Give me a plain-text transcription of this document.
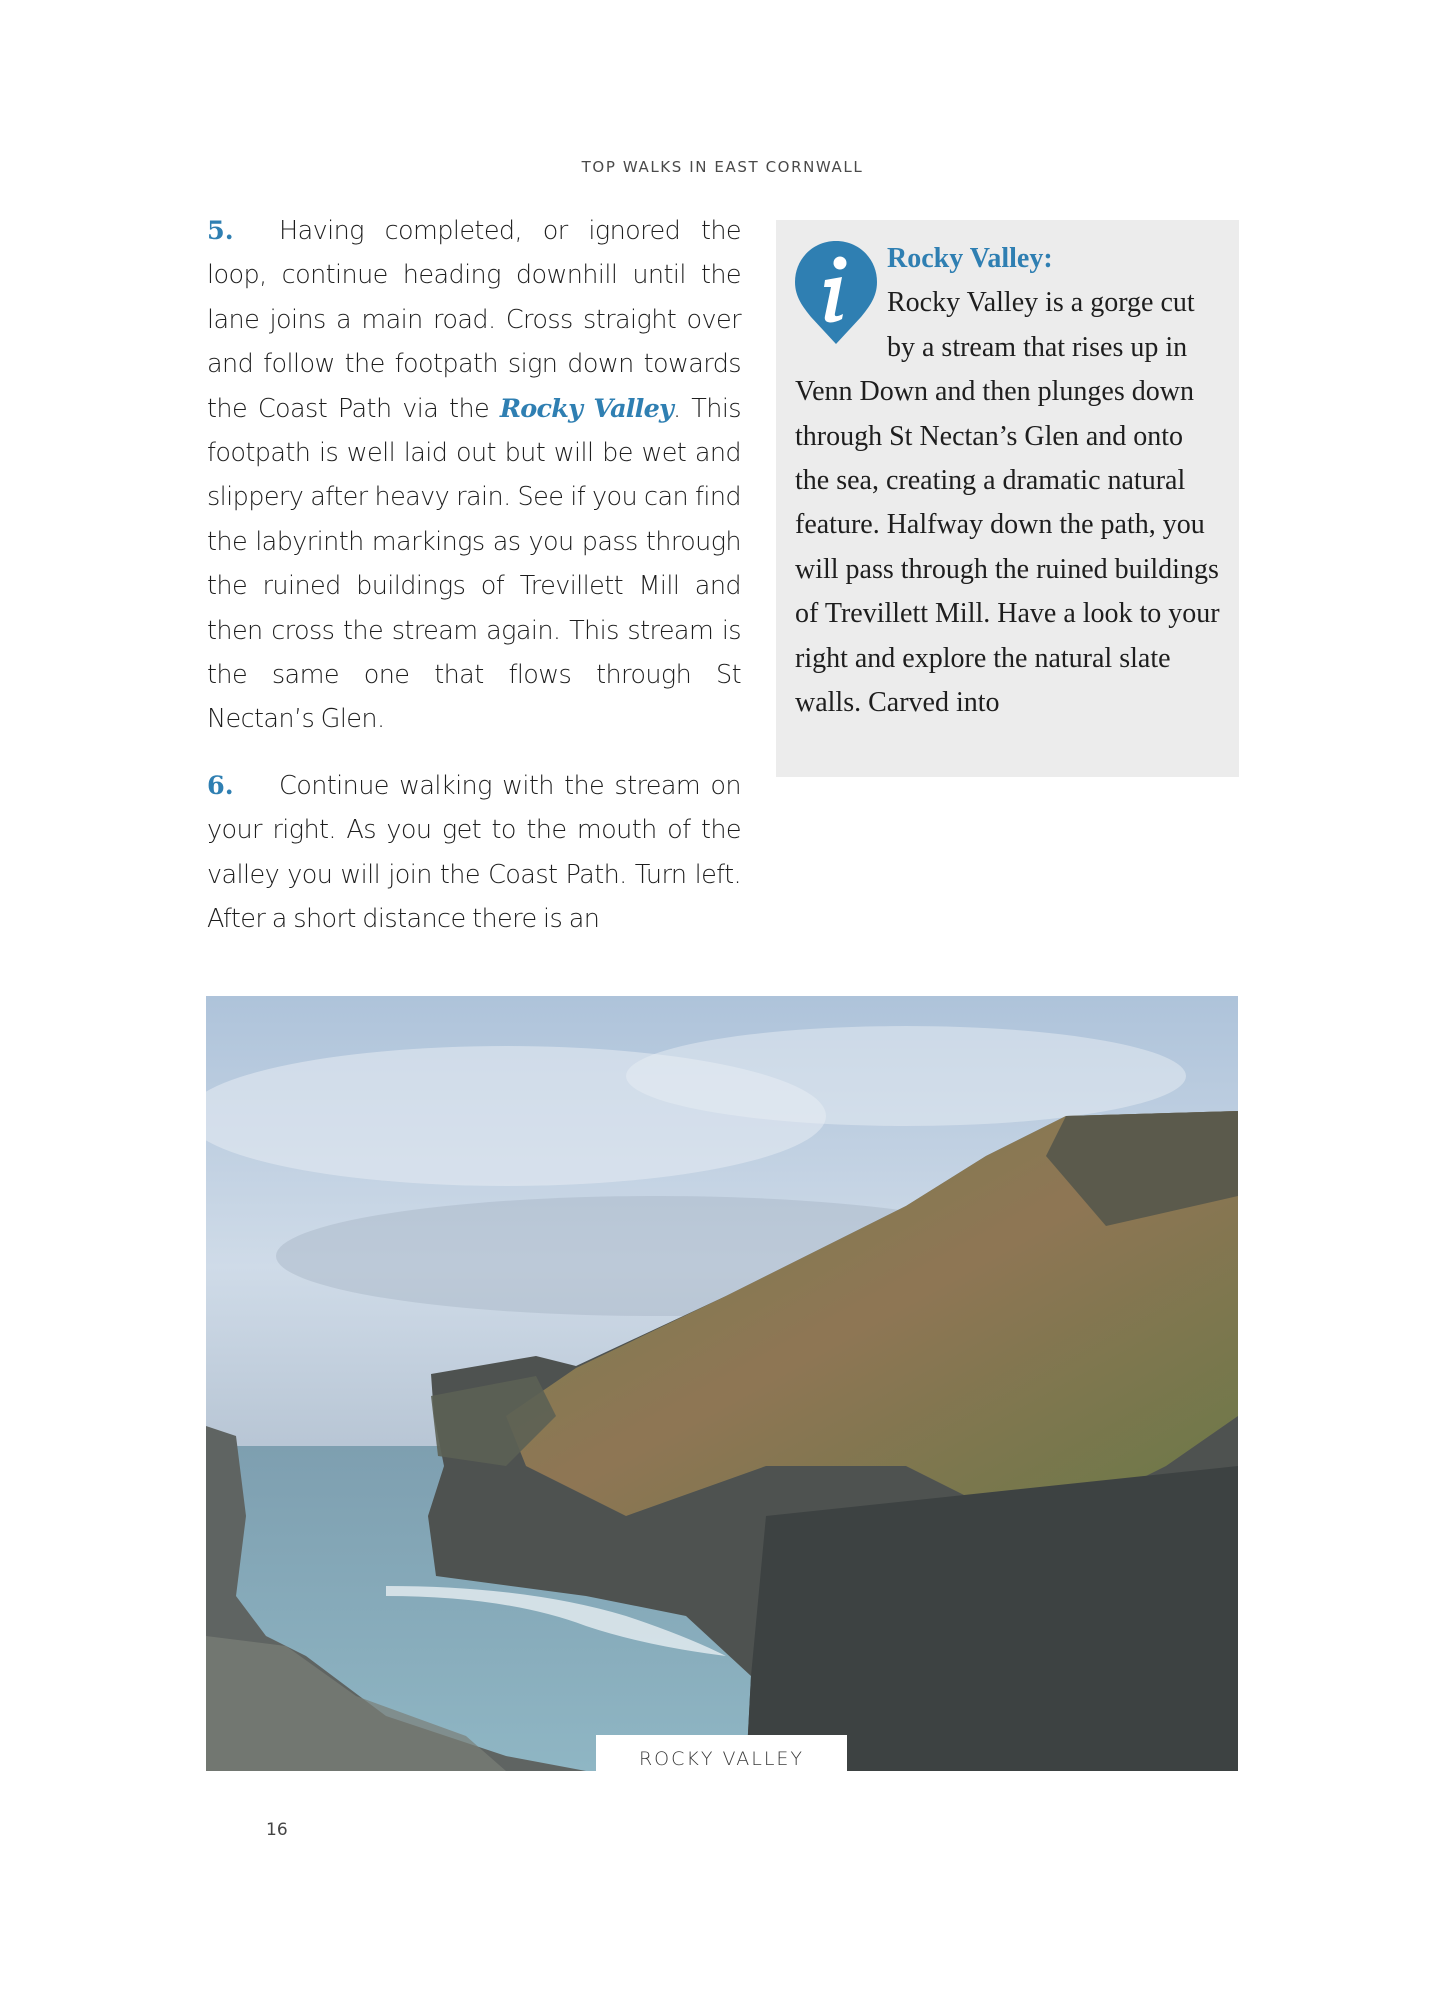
TOP WALKS IN EAST CORNWALL

5. Having completed, or ignored the loop, continue heading downhill until the lane joins a main road. Cross straight over and follow the footpath sign down towards the Coast Path via the Rocky Valley. This footpath is well laid out but will be wet and slippery after heavy rain. See if you can find the labyrinth markings as you pass through the ruined buildings of Trevillett Mill and then cross the stream again. This stream is the same one that flows through St Nectan’s Glen.

6. Continue walking with the stream on your right. As you get to the mouth of the valley you will join the Coast Path. Turn left. After a short distance there is an

Rocky Valley:
Rocky Valley is a gorge cut by a stream that rises up in Venn Down and then plunges down through St Nectan’s Glen and onto the sea, creating a dramatic natural feature. Halfway down the path, you will pass through the ruined buildings of Trevillett Mill. Have a look to your right and explore the natural slate walls. Carved into
ROCKY VALLEY
16
